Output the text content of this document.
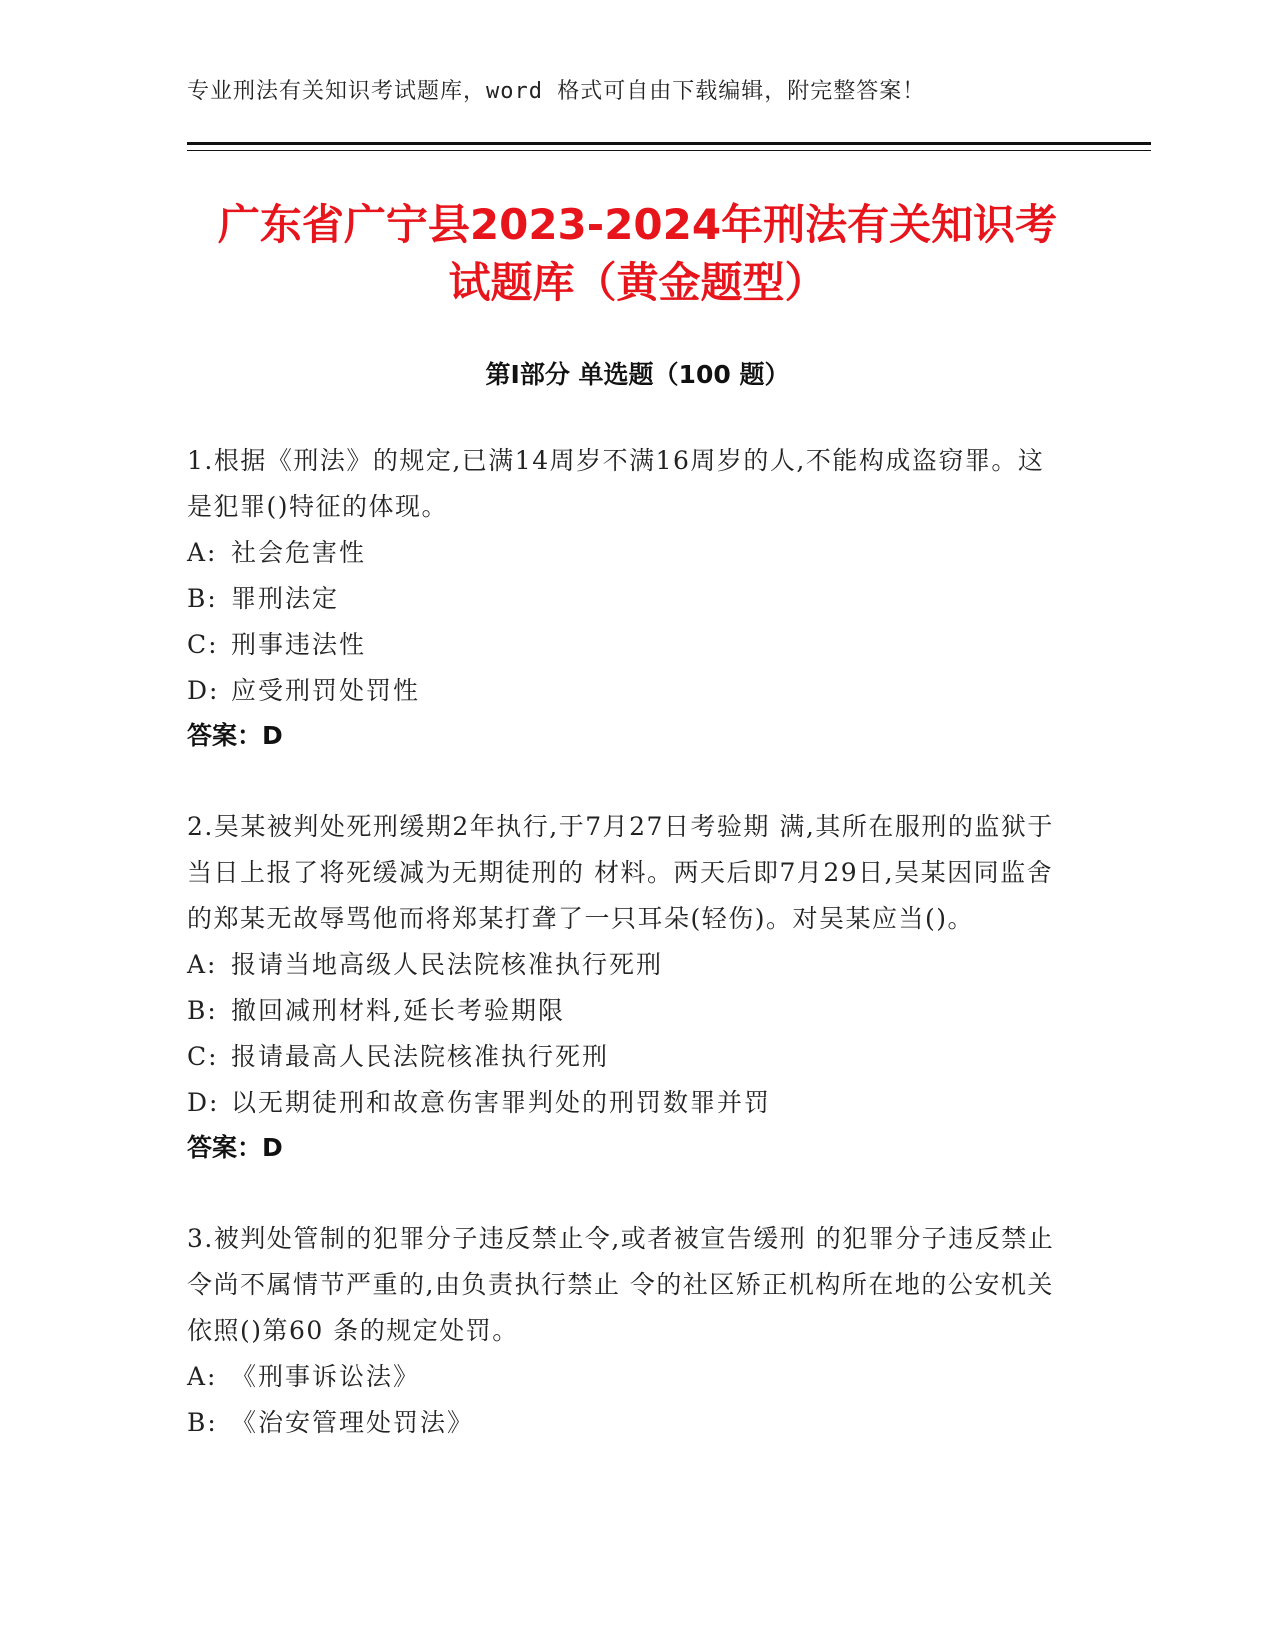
专业刑法有关知识考试题库，word 格式可自由下载编辑，附完整答案！
广东省广宁县2023-2024年刑法有关知识考
试题库（黄金题型）
第Ⅰ部分 单选题（100 题）

1.根据《刑法》的规定,已满14周岁不满16周岁的人,不能构成盗窃罪。这是犯罪()特征的体现。

A: 社会危害性

B: 罪刑法定

C: 刑事违法性

D: 应受刑罚处罚性

答案：D

2.吴某被判处死刑缓期2年执行,于7月27日考验期 满,其所在服刑的监狱于当日上报了将死缓减为无期徒刑的 材料。两天后即7月29日,吴某因同监舍的郑某无故辱骂他而将郑某打聋了一只耳朵(轻伤)。对吴某应当()。

A: 报请当地高级人民法院核准执行死刑

B: 撤回减刑材料,延长考验期限

C: 报请最高人民法院核准执行死刑

D: 以无期徒刑和故意伤害罪判处的刑罚数罪并罚

答案：D

3.被判处管制的犯罪分子违反禁止令,或者被宣告缓刑 的犯罪分子违反禁止令尚不属情节严重的,由负责执行禁止 令的社区矫正机构所在地的公安机关依照()第60 条的规定处罚。

A: 《刑事诉讼法》

B: 《治安管理处罚法》
